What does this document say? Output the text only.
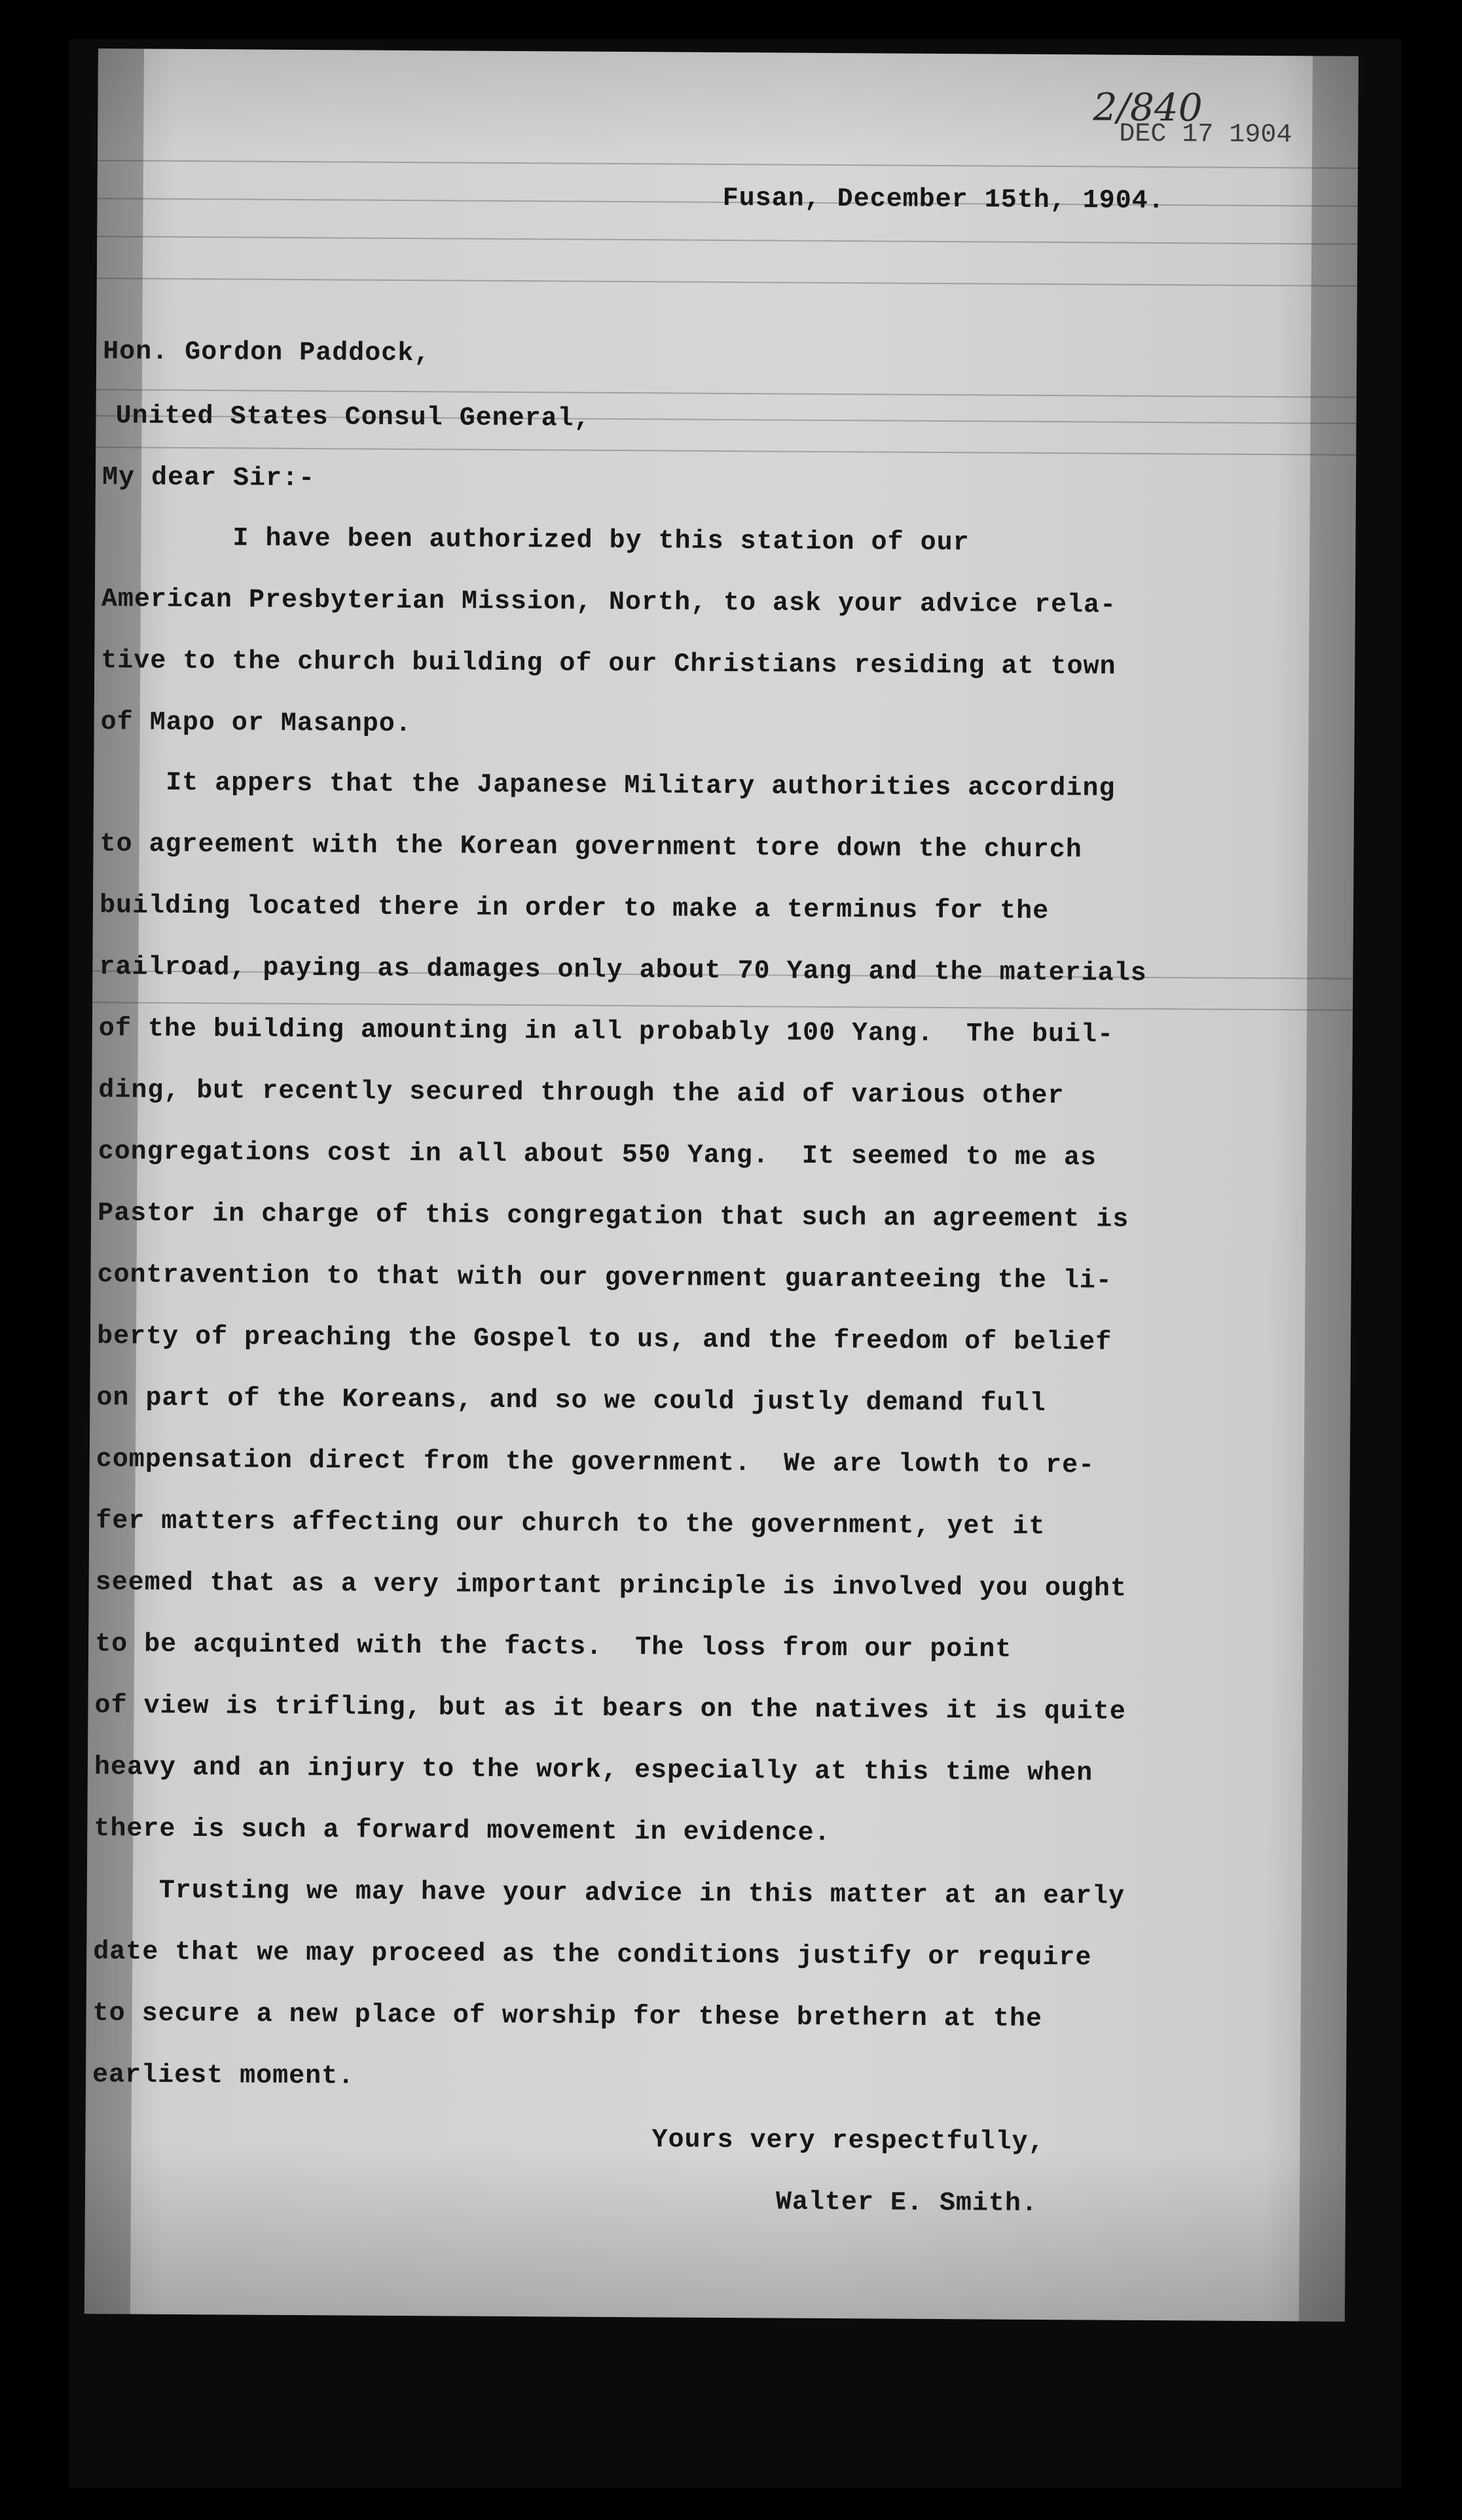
2/840
DEC 17 1904
Fusan, December 15th, 1904.
Hon. Gordon Paddock,
United States Consul General,
My dear Sir:-
I have been authorized by this station of our
American Presbyterian Mission, North, to ask your advice rela-
tive to the church building of our Christians residing at town
of Mapo or Masanpo.
It appers that the Japanese Military authorities according
to agreement with the Korean government tore down the church
building located there in order to make a terminus for the
railroad, paying as damages only about 70 Yang and the materials
of the building amounting in all probably 100 Yang.  The buil-
ding, but recently secured through the aid of various other
congregations cost in all about 550 Yang.  It seemed to me as
Pastor in charge of this congregation that such an agreement is
contravention to that with our government guaranteeing the li-
berty of preaching the Gospel to us, and the freedom of belief
on part of the Koreans, and so we could justly demand full
compensation direct from the government.  We are lowth to re-
fer matters affecting our church to the government, yet it
seemed that as a very important principle is involved you ought
to be acquinted with the facts.  The loss from our point
of view is trifling, but as it bears on the natives it is quite
heavy and an injury to the work, especially at this time when
there is such a forward movement in evidence.
Trusting we may have your advice in this matter at an early
date that we may proceed as the conditions justify or require
to secure a new place of worship for these brethern at the
earliest moment.
Yours very respectfully,
Walter E. Smith.
